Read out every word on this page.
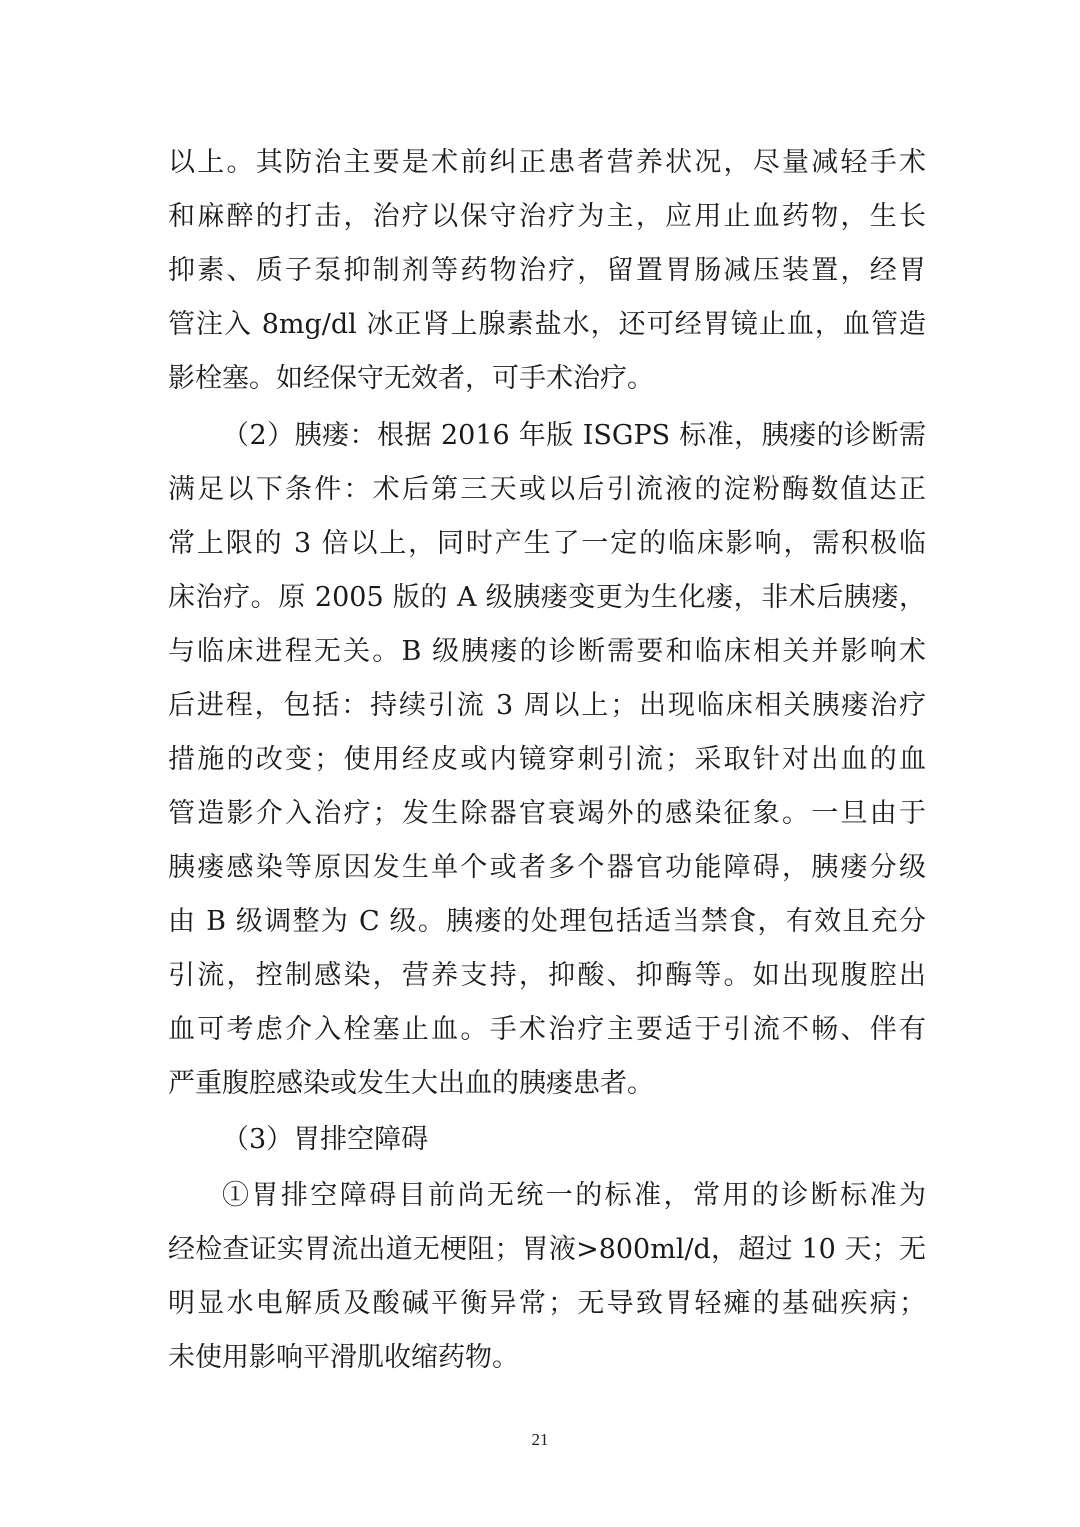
以上。其防治主要是术前纠正患者营养状况，尽量减轻手术
和麻醉的打击，治疗以保守治疗为主，应用止血药物，生长
抑素、质子泵抑制剂等药物治疗，留置胃肠减压装置，经胃
管注入 8mg/dl 冰正肾上腺素盐水，还可经胃镜止血，血管造
影栓塞。如经保守无效者，可手术治疗。
（2）胰瘘：根据 2016 年版 ISGPS 标准，胰瘘的诊断需
满足以下条件：术后第三天或以后引流液的淀粉酶数值达正
常上限的 3 倍以上，同时产生了一定的临床影响，需积极临
床治疗。原 2005 版的 A 级胰瘘变更为生化瘘，非术后胰瘘，
与临床进程无关。B 级胰瘘的诊断需要和临床相关并影响术
后进程，包括：持续引流 3 周以上；出现临床相关胰瘘治疗
措施的改变；使用经皮或内镜穿刺引流；采取针对出血的血
管造影介入治疗；发生除器官衰竭外的感染征象。一旦由于
胰瘘感染等原因发生单个或者多个器官功能障碍，胰瘘分级
由 B 级调整为 C 级。胰瘘的处理包括适当禁食，有效且充分
引流，控制感染，营养支持，抑酸、抑酶等。如出现腹腔出
血可考虑介入栓塞止血。手术治疗主要适于引流不畅、伴有
严重腹腔感染或发生大出血的胰瘘患者。
（3）胃排空障碍
①胃排空障碍目前尚无统一的标准，常用的诊断标准为
经检查证实胃流出道无梗阻；胃液>800ml/d，超过 10 天；无
明显水电解质及酸碱平衡异常；无导致胃轻瘫的基础疾病；
未使用影响平滑肌收缩药物。
21
